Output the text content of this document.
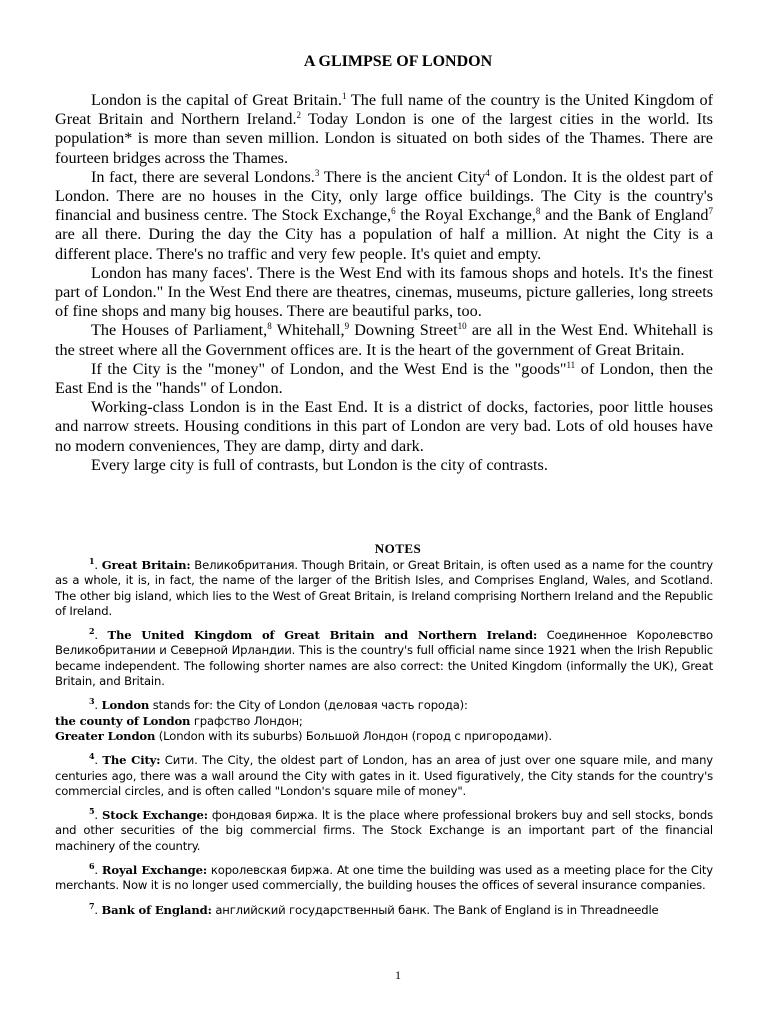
A GLIMPSE OF LONDON

London is the capital of Great Britain.$^1$ The full name of the country is the United Kingdom of Great Britain and Northern Ireland.$^2$ Today London is one of the largest cities in the world. Its population* is more than seven million. London is situated on both sides of the Thames. There are fourteen bridges across the Thames.

In fact, there are several Londons.$^3$ There is the ancient City$^4$ of London. It is the oldest part of London. There are no houses in the City, only large office buildings. The City is the country's financial and business centre. The Stock Exchange,$^6$ the Royal Exchange,$^8$ and the Bank of England$^7$ are all there. During the day the City has a population of half a million. At night the City is a different place. There's no traffic and very few people. It's quiet and empty.

London has many faces'. There is the West End with its famous shops and hotels. It's the finest part of London." In the West End there are theatres, cinemas, museums, picture galleries, long streets of fine shops and many big houses. There are beautiful parks, too.

The Houses of Parliament,$^8$ Whitehall,$^9$ Downing Street$^{10}$ are all in the West End. Whitehall is the street where all the Government offices are. It is the heart of the government of Great Britain.

If the City is the "money" of London, and the West End is the "goods"$^{11}$ of London, then the East End is the "hands" of London.

Working-class London is in the East End. It is a district of docks, factories, poor little houses and narrow streets. Housing conditions in this part of London are very bad. Lots of old houses have no modern conveniences, They are damp, dirty and dark.

Every large city is full of contrasts, but London is the city of contrasts.

NOTES

$^1$. Great Britain: Великобритания. Though Britain, or Great Britain, is often used as a name for the country as a whole, it is, in fact, the name of the larger of the British Isles, and Comprises England, Wales, and Scotland. The other big island, which lies to the West of Great Britain, is Ireland comprising Northern Ireland and the Republic of Ireland.

$^2$. The United Kingdom of Great Britain and Northern Ireland: Соединенное Королевство Великобритании и Северной Ирландии. This is the country's full official name since 1921 when the Irish Republic became independent. The following shorter names are also correct: the United Kingdom (informally the UK), Great Britain, and Britain.

$^3$. London stands for: the City of London (деловая часть города):
the county of London графство Лондон;
Greater London (London with its suburbs) Большой Лондон (город с пригородами).

$^4$. The City: Сити. The City, the oldest part of London, has an area of just over one square mile, and many centuries ago, there was a wall around the City with gates in it. Used figuratively, the City stands for the country's commercial circles, and is often called "London's square mile of money".

$^5$. Stock Exchange: фондовая биржа. It is the place where professional brokers buy and sell stocks, bonds and other securities of the big commercial firms. The Stock Exchange is an important part of the financial machinery of the country.

$^6$. Royal Exchange: королевская биржа. At one time the building was used as a meeting place for the City merchants. Now it is no longer used commercially, the building houses the offices of several insurance companies.

$^7$. Bank of England: английский государственный банк. The Bank of England is in Threadneedle

1
